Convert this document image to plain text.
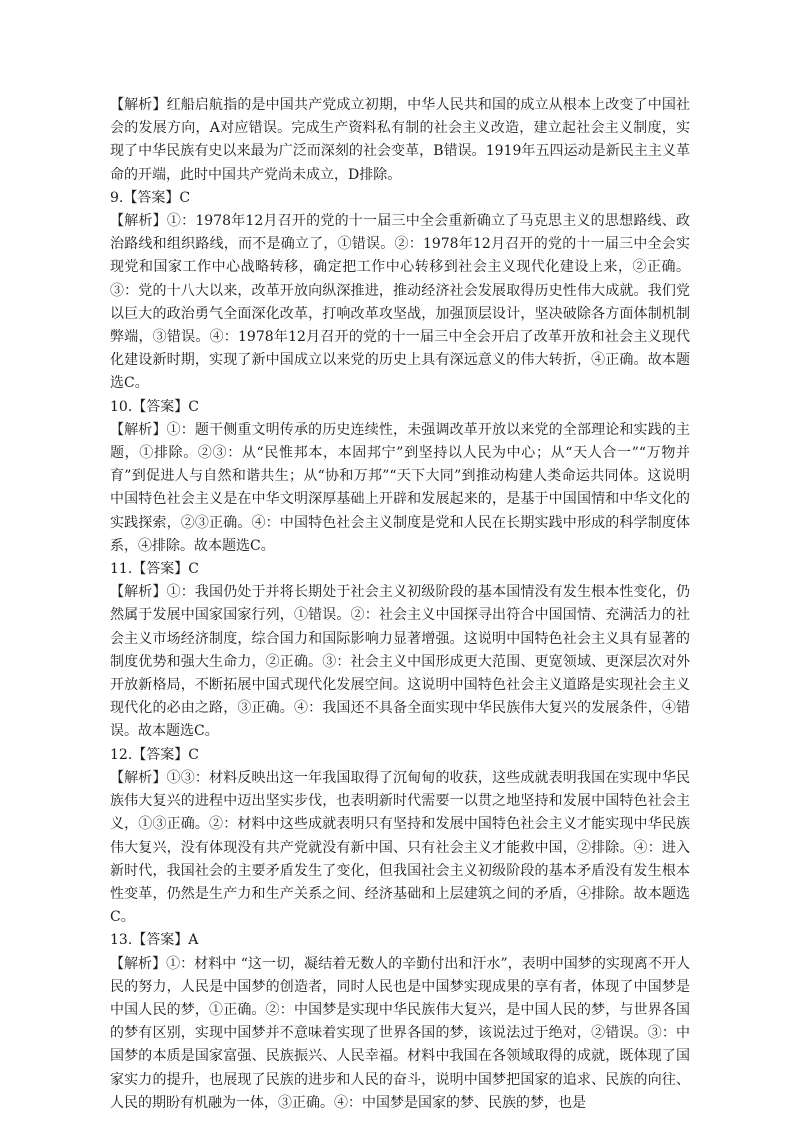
【解析】红船启航指的是中国共产党成立初期，中华人民共和国的成立从根本上改变了中国社会的发展方向，A对应错误。完成生产资料私有制的社会主义改造，建立起社会主义制度，实现了中华民族有史以来最为广泛而深刻的社会变革，B错误。1919年五四运动是新民主主义革命的开端，此时中国共产党尚未成立，D排除。

9.【答案】C

【解析】①：1978年12月召开的党的十一届三中全会重新确立了马克思主义的思想路线、政治路线和组织路线，而不是确立了，①错误。②：1978年12月召开的党的十一届三中全会实现党和国家工作中心战略转移，确定把工作中心转移到社会主义现代化建设上来，②正确。③：党的十八大以来，改革开放向纵深推进，推动经济社会发展取得历史性伟大成就。我们党以巨大的政治勇气全面深化改革，打响改革攻坚战，加强顶层设计，坚决破除各方面体制机制弊端，③错误。④：1978年12月召开的党的十一届三中全会开启了改革开放和社会主义现代化建设新时期，实现了新中国成立以来党的历史上具有深远意义的伟大转折，④正确。故本题选C。

10.【答案】C

【解析】①：题干侧重文明传承的历史连续性，未强调改革开放以来党的全部理论和实践的主题，①排除。②③：从“民惟邦本，本固邦宁”到坚持以人民为中心；从“天人合一”“万物并育”到促进人与自然和谐共生；从“协和万邦”“天下大同”到推动构建人类命运共同体。这说明中国特色社会主义是在中华文明深厚基础上开辟和发展起来的，是基于中国国情和中华文化的实践探索，②③正确。④：中国特色社会主义制度是党和人民在长期实践中形成的科学制度体系，④排除。故本题选C。

11.【答案】C

【解析】①：我国仍处于并将长期处于社会主义初级阶段的基本国情没有发生根本性变化，仍然属于发展中国家国家行列，①错误。②：社会主义中国探寻出符合中国国情、充满活力的社会主义市场经济制度，综合国力和国际影响力显著增强。这说明中国特色社会主义具有显著的制度优势和强大生命力，②正确。③：社会主义中国形成更大范围、更宽领域、更深层次对外开放新格局，不断拓展中国式现代化发展空间。这说明中国特色社会主义道路是实现社会主义现代化的必由之路，③正确。④：我国还不具备全面实现中华民族伟大复兴的发展条件，④错误。故本题选C。

12.【答案】C

【解析】①③：材料反映出这一年我国取得了沉甸甸的收获，这些成就表明我国在实现中华民族伟大复兴的进程中迈出坚实步伐，也表明新时代需要一以贯之地坚持和发展中国特色社会主义，①③正确。②：材料中这些成就表明只有坚持和发展中国特色社会主义才能实现中华民族伟大复兴，没有体现没有共产党就没有新中国、只有社会主义才能救中国，②排除。④：进入新时代，我国社会的主要矛盾发生了变化，但我国社会主义初级阶段的基本矛盾没有发生根本性变革，仍然是生产力和生产关系之间、经济基础和上层建筑之间的矛盾，④排除。故本题选C。

13.【答案】A

【解析】①：材料中 “这一切，凝结着无数人的辛勤付出和汗水”，表明中国梦的实现离不开人民的努力，人民是中国梦的创造者，同时人民也是中国梦实现成果的享有者，体现了中国梦是中国人民的梦，①正确。②：中国梦是实现中华民族伟大复兴，是中国人民的梦，与世界各国的梦有区别，实现中国梦并不意味着实现了世界各国的梦，该说法过于绝对，②错误。③：中国梦的本质是国家富强、民族振兴、人民幸福。材料中我国在各领域取得的成就，既体现了国家实力的提升，也展现了民族的进步和人民的奋斗，说明中国梦把国家的追求、民族的向往、人民的期盼有机融为一体，③正确。④：中国梦是国家的梦、民族的梦，也是
